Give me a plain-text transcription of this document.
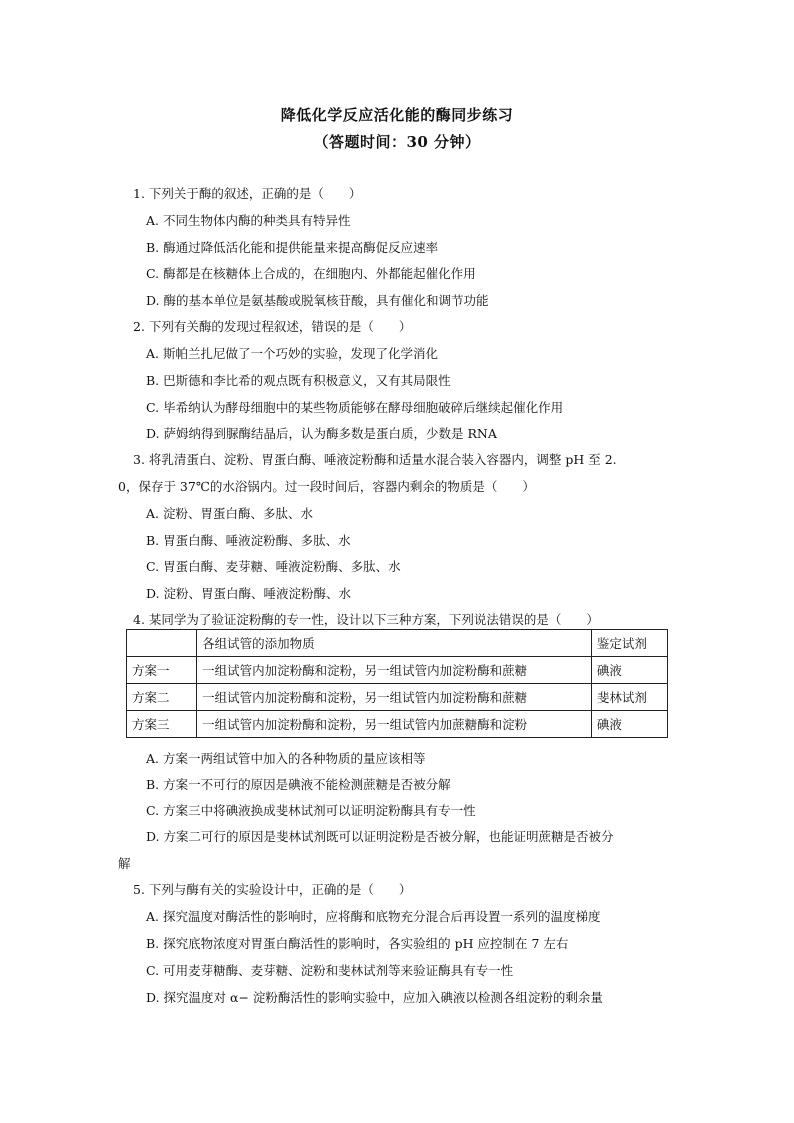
降低化学反应活化能的酶同步练习
（答题时间：30 分钟）
1. 下列关于酶的叙述，正确的是（　　）
A. 不同生物体内酶的种类具有特异性
B. 酶通过降低活化能和提供能量来提高酶促反应速率
C. 酶都是在核糖体上合成的，在细胞内、外都能起催化作用
D. 酶的基本单位是氨基酸或脱氧核苷酸，具有催化和调节功能
2. 下列有关酶的发现过程叙述，错误的是（　　）
A. 斯帕兰扎尼做了一个巧妙的实验，发现了化学消化
B. 巴斯德和李比希的观点既有积极意义，又有其局限性
C. 毕希纳认为酵母细胞中的某些物质能够在酵母细胞破碎后继续起催化作用
D. 萨姆纳得到脲酶结晶后，认为酶多数是蛋白质，少数是 RNA
3. 将乳清蛋白、淀粉、胃蛋白酶、唾液淀粉酶和适量水混合装入容器内，调整 pH 至 2.
0，保存于 37℃的水浴锅内。过一段时间后，容器内剩余的物质是（　　）
A. 淀粉、胃蛋白酶、多肽、水
B. 胃蛋白酶、唾液淀粉酶、多肽、水
C. 胃蛋白酶、麦芽糖、唾液淀粉酶、多肽、水
D. 淀粉、胃蛋白酶、唾液淀粉酶、水
4. 某同学为了验证淀粉酶的专一性，设计以下三种方案，下列说法错误的是（　　）
	各组试管的添加物质	鉴定试剂
方案一	一组试管内加淀粉酶和淀粉，另一组试管内加淀粉酶和蔗糖	碘液
方案二	一组试管内加淀粉酶和淀粉，另一组试管内加淀粉酶和蔗糖	斐林试剂
方案三	一组试管内加淀粉酶和淀粉，另一组试管内加蔗糖酶和淀粉	碘液
A. 方案一两组试管中加入的各种物质的量应该相等
B. 方案一不可行的原因是碘液不能检测蔗糖是否被分解
C. 方案三中将碘液换成斐林试剂可以证明淀粉酶具有专一性
D. 方案二可行的原因是斐林试剂既可以证明淀粉是否被分解，也能证明蔗糖是否被分
解
5. 下列与酶有关的实验设计中，正确的是（　　）
A. 探究温度对酶活性的影响时，应将酶和底物充分混合后再设置一系列的温度梯度
B. 探究底物浓度对胃蛋白酶活性的影响时，各实验组的 pH 应控制在 7 左右
C. 可用麦芽糖酶、麦芽糖、淀粉和斐林试剂等来验证酶具有专一性
D. 探究温度对 α− 淀粉酶活性的影响实验中，应加入碘液以检测各组淀粉的剩余量
